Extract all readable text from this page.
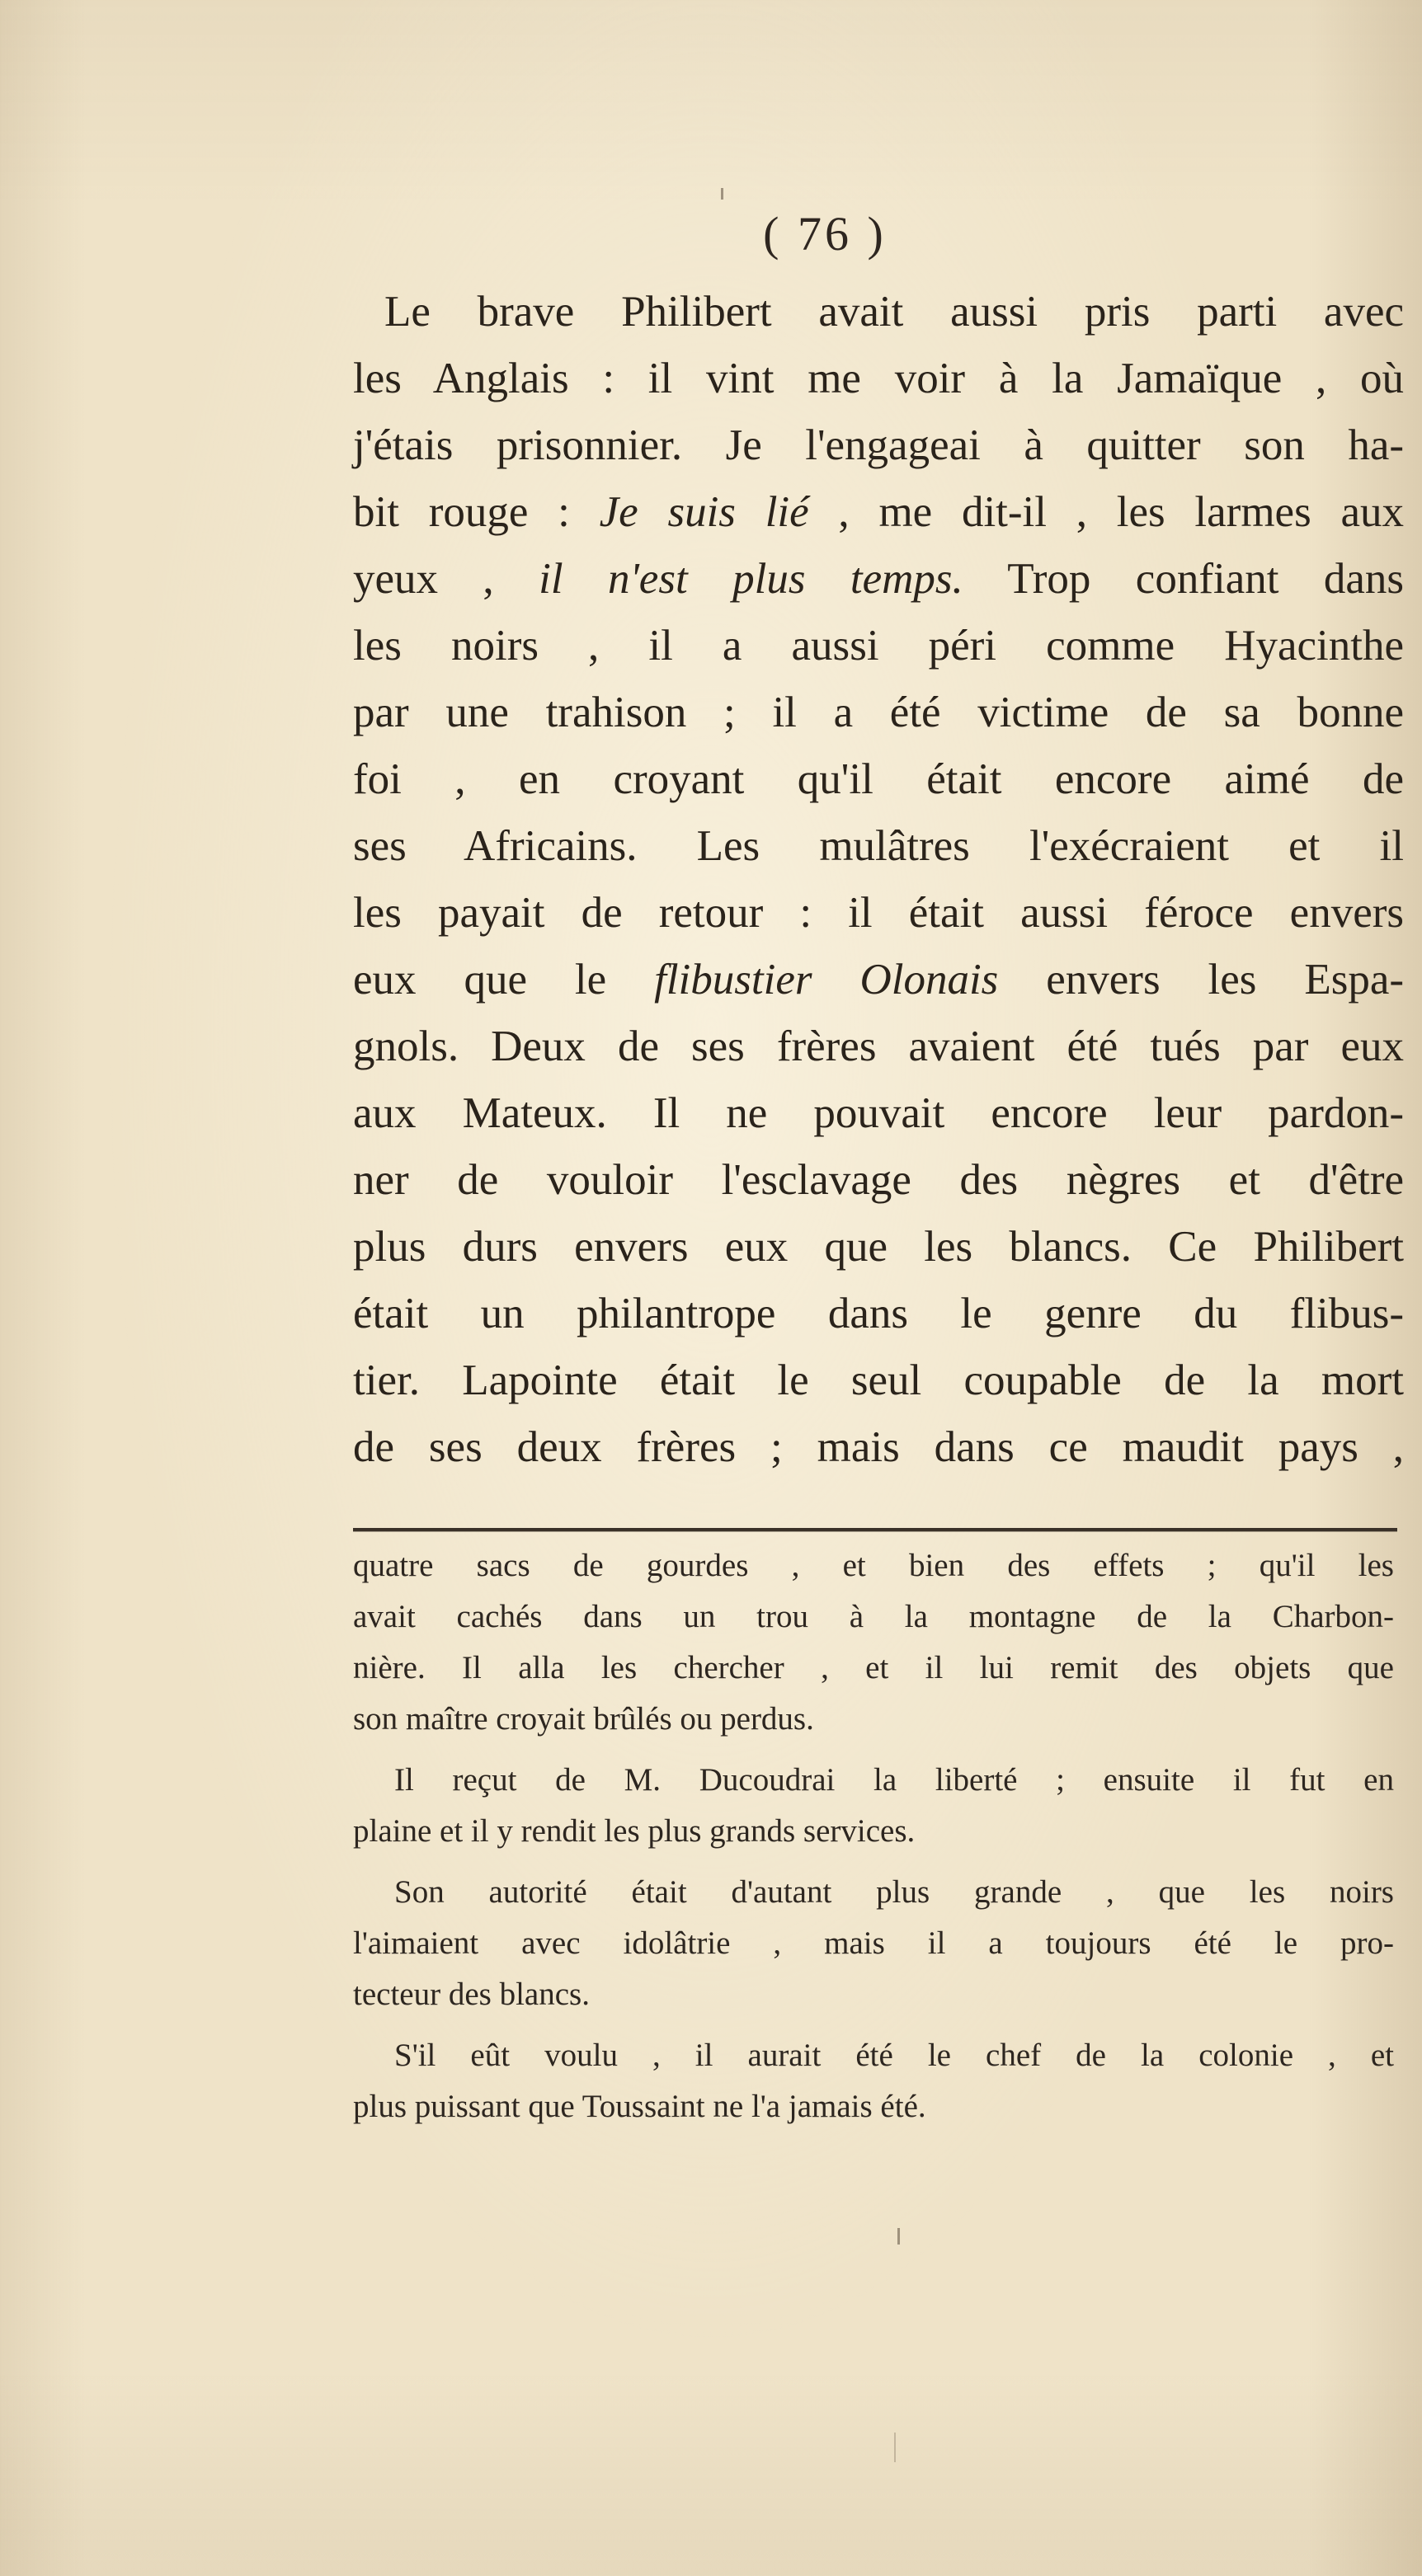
( 76 )
Le brave Philibert avait aussi pris parti avec
les Anglais : il vint me voir à la Jamaïque , où
j'étais prisonnier. Je l'engageai à quitter son ha-
bit rouge : Je suis lié , me dit-il , les larmes aux
yeux , il n'est plus temps. Trop confiant dans
les noirs , il a aussi péri comme Hyacinthe
par une trahison ; il a été victime de sa bonne
foi , en croyant qu'il était encore aimé de
ses Africains. Les mulâtres l'exécraient et il
les payait de retour : il était aussi féroce envers
eux que le flibustier Olonais envers les Espa-
gnols. Deux de ses frères avaient été tués par eux
aux Mateux. Il ne pouvait encore leur pardon-
ner de vouloir l'esclavage des nègres et d'être
plus durs envers eux que les blancs. Ce Philibert
était un philantrope dans le genre du flibus-
tier. Lapointe était le seul coupable de la mort
de ses deux frères ; mais dans ce maudit pays ,
quatre sacs de gourdes , et bien des effets ; qu'il les
avait cachés dans un trou à la montagne de la Charbon-
nière. Il alla les chercher , et il lui remit des objets que
son maître croyait brûlés ou perdus.
Il reçut de M. Ducoudrai la liberté ; ensuite il fut en
plaine et il y rendit les plus grands services.
Son autorité était d'autant plus grande , que les noirs
l'aimaient avec idolâtrie , mais il a toujours été le pro-
tecteur des blancs.
S'il eût voulu , il aurait été le chef de la colonie , et
plus puissant que Toussaint ne l'a jamais été.
